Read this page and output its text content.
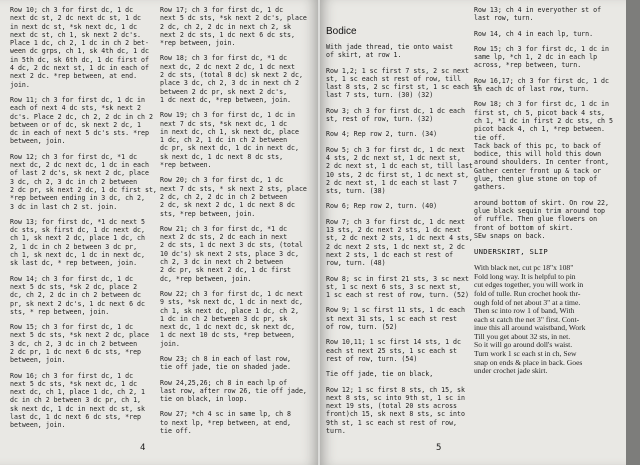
Row 10; ch 3 for first dc, 1 dc
next dc st, 2 dc next dc st, 1 dc
in next dc st, *sk next dc, 1 dc
next dc st, ch 1, sk next 2 dc's.
Place 1 dc, ch 2, 1 dc in ch 2 bet-
ween dc grps, ch 1, sk 4th dc, 1 dc
in 5th dc, sk 6th dc, 1 dc first of
4 dc, 2 dc next st, 1 dc in each of
next 2 dc. *rep between, at end.
join.
Row 11; ch 3 for first dc, 1 dc in
each of next 4 dc sts, *sk next 2
dc's. Place 2 dc, ch 2, 2 dc in ch 2
between or of dc, sk next 2 dc, 1
dc in each of next 5 dc's sts. *rep
between, join.
Row 12; ch 3 for first dc, *1 dc
next dc, 2 dc next dc, 1 dc in each
of last 2 dc's, sk next 2 dc, place
3 dc, ch 2, 3 dc in ch 2 between
2 dc pr, sk next 2 dc, 1 dc first st,
*rep between ending in 3 dc, ch 2,
3 dc in last ch 2 st. join.
Row 13; for first dc, *1 dc next 5
dc sts, sk first dc, 1 dc next dc,
ch 1, sk next 2 dc, place 1 dc, ch
2, 1 dc in ch 2 between 3 dc pr,
ch 1, sk next dc, 1 dc in next dc,
sk last dc, * rep between, join.
Row 14; ch 3 for first dc, 1 dc
next 5 dc sts, *sk 2 dc, place 2
dc, ch 2, 2 dc in ch 2 between dc
pr, sk next 2 dc's, 1 dc next 6 dc
sts, * rep between, join.
Row 15; ch 3 for first dc, 1 dc
next 5 dc sts, *sk next 2 dc, place
3 dc, ch 2, 3 dc in ch 2 between
2 dc pr, 1 dc next 6 dc sts, *rep
between, join.
Row 16; ch 3 for first dc, 1 dc
next 5 dc sts, *sk next dc, 1 dc
next dc, ch 1, place 1 dc, ch 2, 1
dc in ch 2 between 3 dc pr, ch 1,
sk next dc, 1 dc in next dc st, sk
last dc, 1 dc next 6 dc sts, *rep
between, join.
Row 17; ch 3 for first dc, 1 dc
next 5 dc sts, *sk next 2 dc's, place
2 dc, ch 2, 2 dc in next ch 2, sk
next 2 dc sts, 1 dc next 6 dc sts,
*rep between, join.
Row 18; ch 3 for first dc, *1 dc
next dc, 2 dc next 2 dc, 1 dc next
2 dc sts, (total 8 dc) sk next 2 dc,
place 3 dc, ch 2, 3 dc in next ch 2
between 2 dc pr, sk next 2 dc's,
1 dc next dc, *rep between, join.
Row 19; ch 3 for first dc, 1 dc in
next 7 dc sts, *sk next dc, 1 dc
in next dc, ch 1, sk next dc, place
1 dc, ch 2, 1 dc in ch 2 between
dc pr, sk next dc, 1 dc in next dc,
sk next dc, 1 dc next 8 dc sts,
*rep between.
Row 20; ch 3 for first dc, 1 dc
next 7 dc sts, * sk next 2 sts, place
2 dc, ch 2, 2 dc in ch 2 between
2 dc, sk next 2 dc, 1 dc next 8 dc
sts, *rep between, join.
Row 21; ch 3 for first dc, *1 dc
next 2 dc sts, 2 dc each in next
2 dc sts, 1 dc next 3 dc sts, (total
10 dc's) sk next 2 sts, place 3 dc,
ch 2, 3 dc in next ch 2 between
2 dc pr, sk next 2 dc, 1 dc first
dc, *rep between, join.
Row 22; ch 3 for first dc, 1 dc next
9 sts, *sk next dc, 1 dc in next dc,
ch 1, sk next dc, place 1 dc, ch 2,
1 dc in ch 2 between 3 dc pr, sk
next dc, 1 dc next dc, sk next dc,
1 dc next 10 dc sts, *rep between,
join.
Row 23; ch 8 in each of last row,
tie off jade, tie on shaded jade.
Row 24,25,26; ch 8 in each lp of
last row, after row 26, tie off jade,
tie on black, in loop.
Row 27; *ch 4 sc in same lp, ch 8
to next lp, *rep between, at end,
tie off.
4
Bodice
With jade thread, tie onto waist
of skirt, at row 1.
Row 1,2; 1 sc first 7 sts, 2 sc next
st, 1 sc each st rest of row, till
last 8 sts, 2 sc first st, 1 sc each st
last 7 sts, turn. (30) (32)
Row 3; ch 3 for first dc, 1 dc each
st, rest of row, turn. (32)
Row 4; Rep row 2, turn. (34)
Row 5; ch 3 for first dc, 1 dc next
4 sts, 2 dc next st, 1 dc next st,
2 dc next st, 1 dc each st, till last
10 sts, 2 dc first st, 1 dc next st,
2 dc next st, 1 dc each st last 7
sts, turn. (38)
Row 6; Rep row 2, turn. (40)
Row 7; ch 3 for first dc, 1 dc next
13 sts, 2 dc next 2 sts, 1 dc next
st, 2 dc next 2 sts, 1 dc next 4 sts,
2 dc next 2 sts, 1 dc next st, 2 dc
next 2 sts, 1 dc each st rest of
row, turn. (48)
Row 8; sc in first 21 sts, 3 sc next
st, 1 sc next 6 sts, 3 sc next st,
1 sc each st rest of row, turn. (52)
Row 9; 1 sc first 11 sts, 1 dc each
st next 31 sts, 1 sc each st rest
of row, turn. (52)
Row 10,11; 1 sc first 14 sts, 1 dc
each st next 25 sts, 1 sc each st
rest of row, turn. (54)
Tie off jade, tie on black,
Row 12; 1 sc first 8 sts, ch 15, sk
next 8 sts, sc into 9th st, 1 sc in
next 19 sts, (total 20 sts across
front)ch 15, sk next 8 sts, sc into
9th st, 1 sc each st rest of row,
turn.
Row 13; ch 4 in everyother st of
last row, turn.
Row 14, ch 4 in each lp, turn.
Row 15; ch 3 for first dc, 1 dc in
same lp, *ch 1, 2 dc in each lp
across, *rep between, turn.
Row 16,17; ch 3 for first dc, 1 dc
in each dc of last row, turn.
Row 18; ch 3 for first dc, 1 dc in
first st, ch 5, picot back 4 sts,
ch 1, *1 dc in first 2 dc sts, ch 5
picot back 4, ch 1, *rep between.
tie off.
Tack back of this pc, to back of
bodice, this will hold this down
around shoulders. In center front,
Gather center front up & tack or
glue, then glue stone on top of
gathers.
around bottom of skirt. On row 22,
glue black sequin trim around top
of ruffle. Then glue flowers on
front of bottom of skirt.
SEw snaps on back.
UNDERSKIRT, SLIP
With black net, cut pc 18"x 108"
Fold long way. It is helpful to pin
cut edges together, you will work in
fold of tulle. Run crochet hook thr-
ough fold of net about 3" at a time.
Then sc into row 1 of band, With
each st catch the net 3" first. Cont-
inue this all around waistband, Work
Till you get about 32 sts, in net.
So it will go around doll's waist.
Turn work 1 sc each st in ch, Sew
snap on ends & place in back. Goes
under crochet jade skirt.
5
